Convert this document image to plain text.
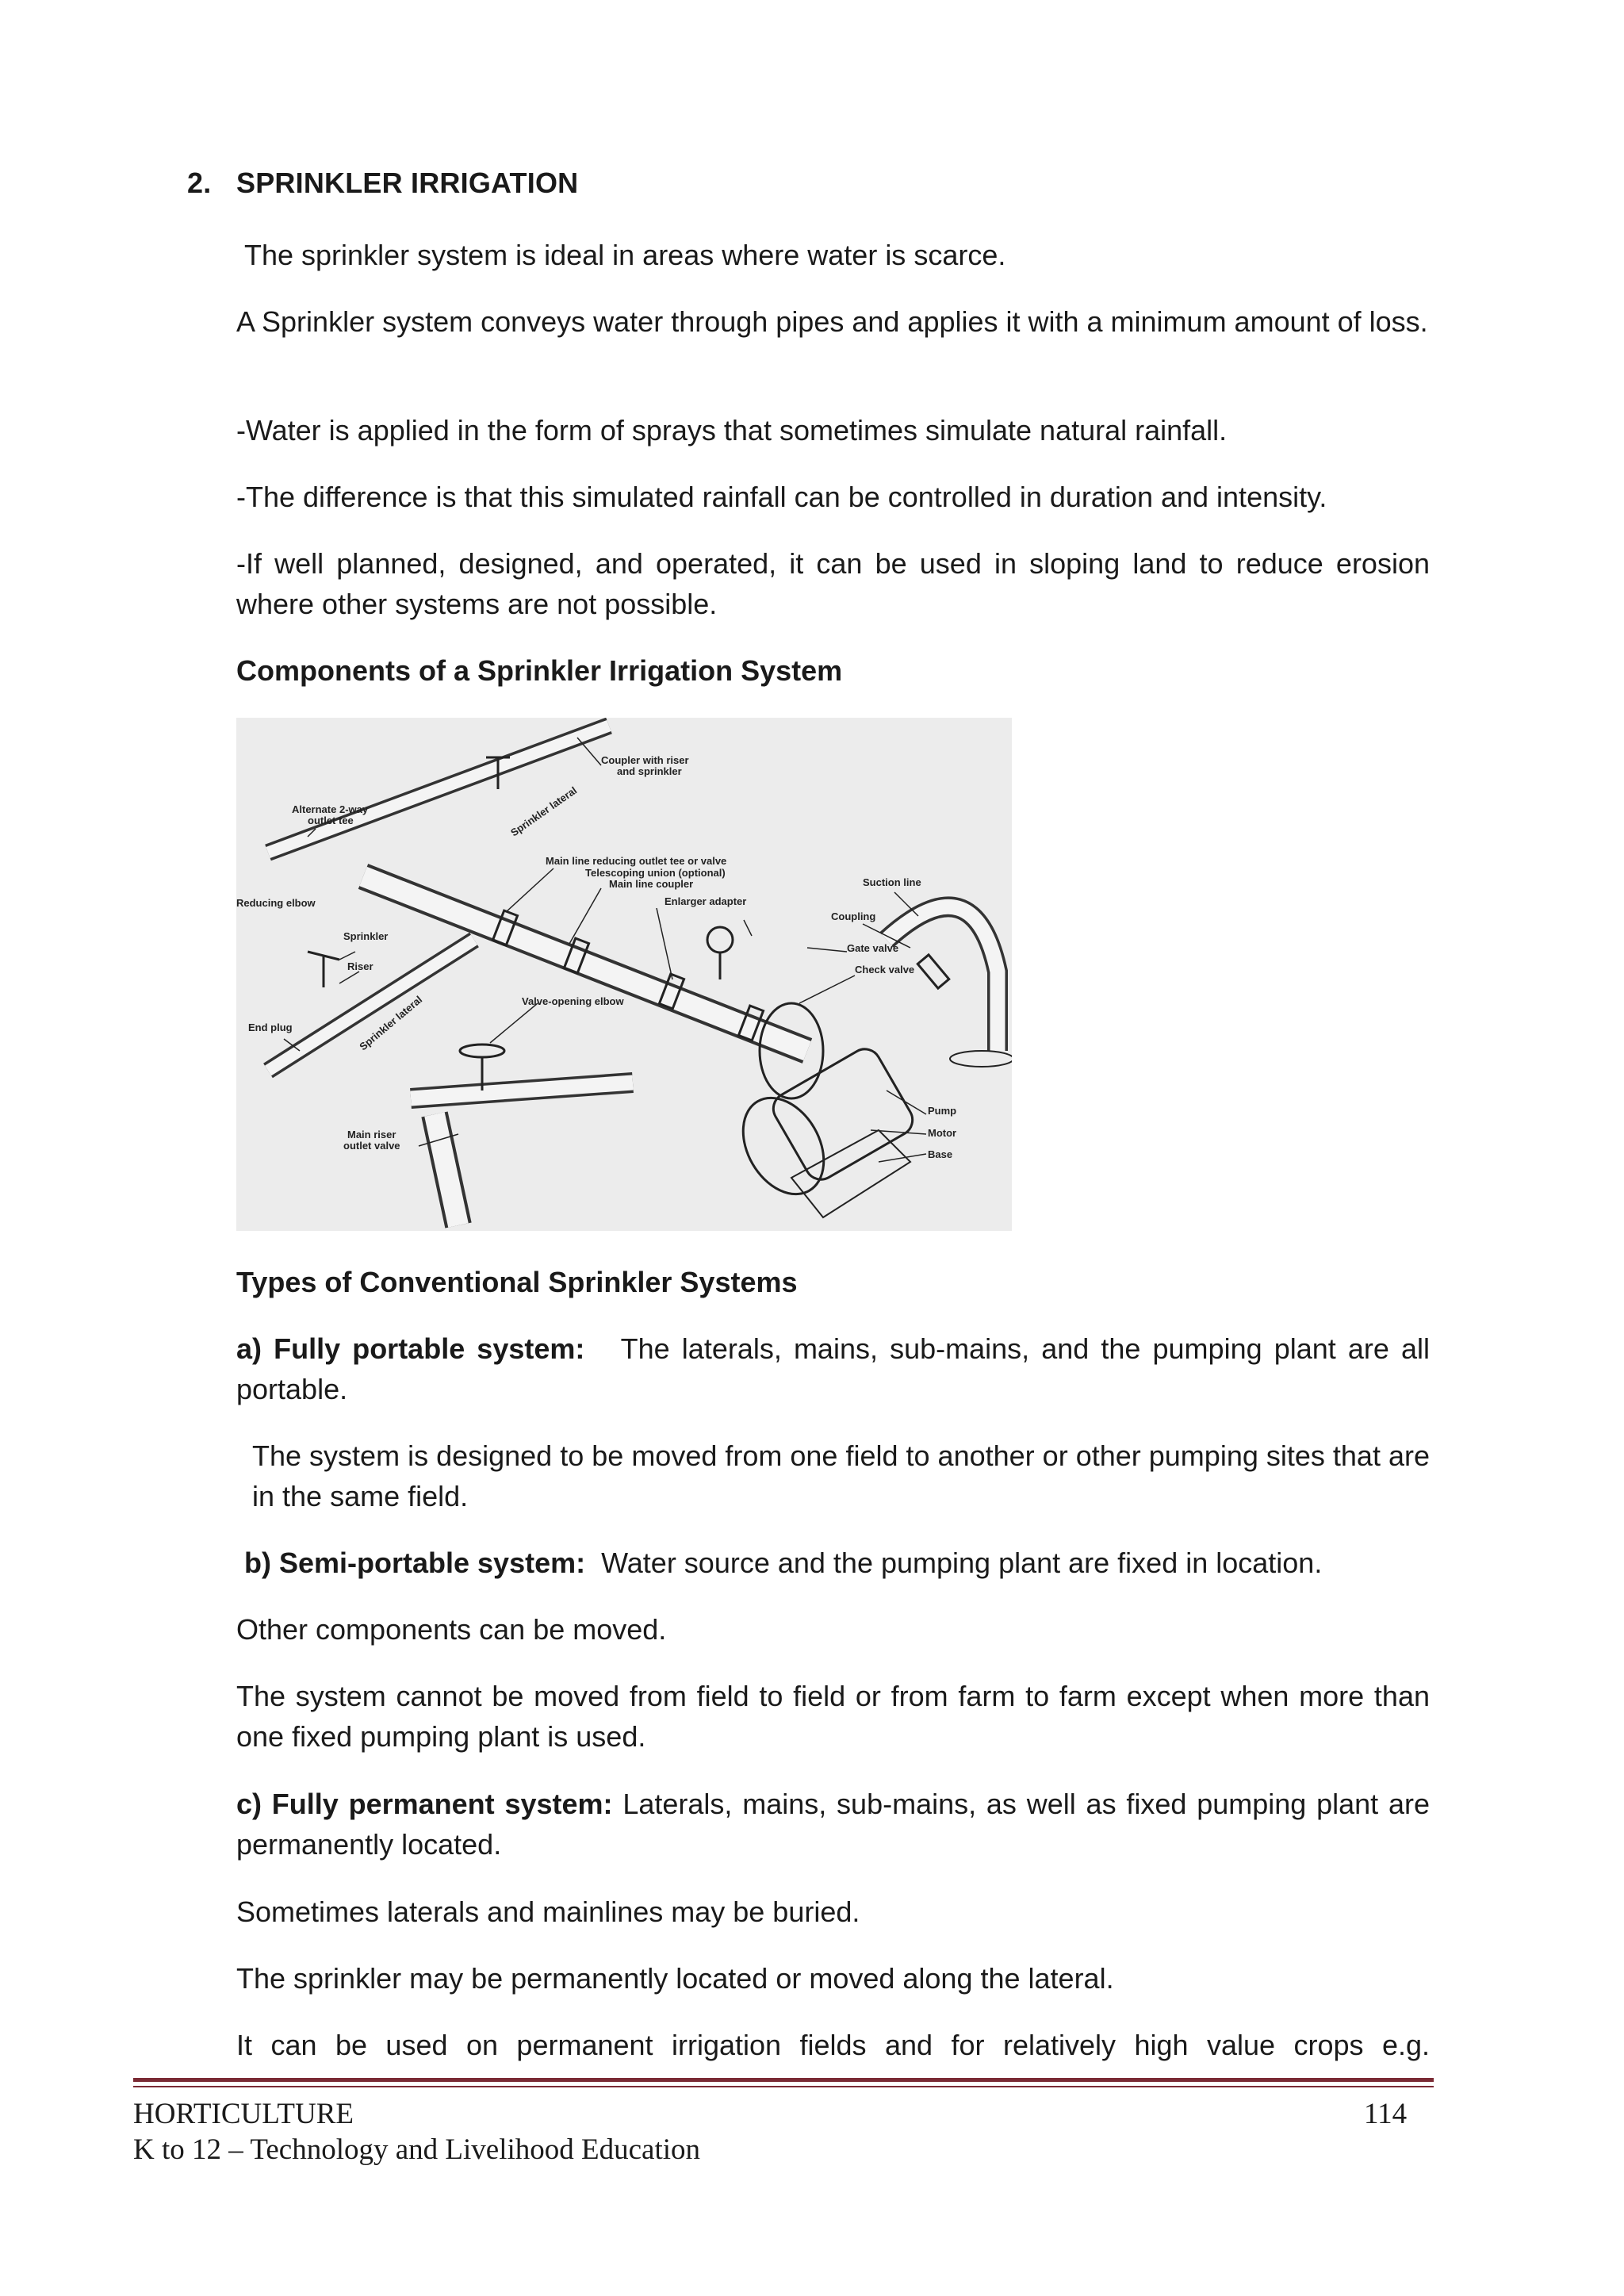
2. SPRINKLER IRRIGATION
The sprinkler system is ideal in areas where water is scarce.
A Sprinkler system conveys water through pipes and applies it with a minimum amount of loss.
-Water is applied in the form of sprays that sometimes simulate natural rainfall.
-The difference is that this simulated rainfall can be controlled in duration and intensity.
-If well planned, designed, and operated, it can be used in sloping land to reduce erosion where other systems are not possible.
Components of a Sprinkler Irrigation System
Coupler with riser
and sprinkler
Alternate 2-way
outlet tee	Sprinkler lateral
Main line reducing outlet tee or valve
Telescoping union (optional)
Main line coupler
Enlarger adapter
Suction line
Reducing elbow
Sprinkler
Riser
Coupling
Gate valve
Check valve
End plug	Sprinkler lateral	Valve-opening elbow
Pump
Motor
Base
Main riser
outlet valve
Types of Conventional Sprinkler Systems
a) Fully portable system: The laterals, mains, sub-mains, and the pumping plant are all portable.
The system is designed to be moved from one field to another or other pumping sites that are in the same field.
b) Semi-portable system: Water source and the pumping plant are fixed in location.
Other components can be moved.
The system cannot be moved from field to field or from farm to farm except when more than one fixed pumping plant is used.
c) Fully permanent system: Laterals, mains, sub-mains, as well as fixed pumping plant are permanently located.
Sometimes laterals and mainlines may be buried.
The sprinkler may be permanently located or moved along the lateral.
It can be used on permanent irrigation fields and for relatively high value crops e.g.
HORTICULTURE
K to 12 – Technology and Livelihood Education
114
